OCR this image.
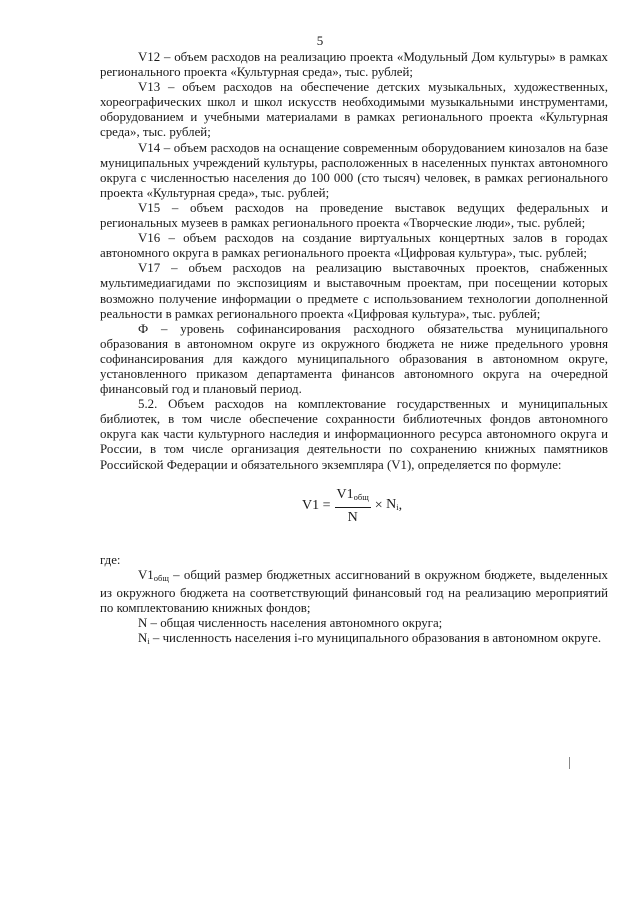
5

V12 – объем расходов на реализацию проекта «Модульный Дом культуры» в рамках регионального проекта «Культурная среда», тыс. рублей;

V13 – объем расходов на обеспечение детских музыкальных, художественных, хореографических школ и школ искусств необходимыми музыкальными инструментами, оборудованием и учебными материалами в рамках регионального проекта «Культурная среда», тыс. рублей;

V14 – объем расходов на оснащение современным оборудованием кинозалов на базе муниципальных учреждений культуры, расположенных в населенных пунктах автономного округа с численностью населения до 100 000 (сто тысяч) человек, в рамках регионального проекта «Культурная среда», тыс. рублей;

V15 – объем расходов на проведение выставок ведущих федеральных и региональных музеев в рамках регионального проекта «Творческие люди», тыс. рублей;

V16 – объем расходов на создание виртуальных концертных залов в городах автономного округа в рамках регионального проекта «Цифровая культура», тыс. рублей;

V17 – объем расходов на реализацию выставочных проектов, снабженных мультимедиагидами по экспозициям и выставочным проектам, при посещении которых возможно получение информации о предмете с использованием технологии дополненной реальности в рамках регионального проекта «Цифровая культура», тыс. рублей;

Ф – уровень софинансирования расходного обязательства муниципального образования в автономном округе из окружного бюджета не ниже предельного уровня софинансирования для каждого муниципального образования в автономном округе, установленного приказом департамента финансов автономного округа на очередной финансовый год и плановый период.

5.2. Объем расходов на комплектование государственных и муниципальных библиотек, в том числе обеспечение сохранности библиотечных фондов автономного округа как части культурного наследия и информационного ресурса автономного округа и России, в том числе организация деятельности по сохранению книжных памятников Российской Федерации и обязательного экземпляра (V1), определяется по формуле:

$V1 = \frac{V1_{общ}}{N} \times N_i$ ,

где:

$V1_{общ}$ – общий размер бюджетных ассигнований в окружном бюджете, выделенных из окружного бюджета на соответствующий финансовый год на реализацию мероприятий по комплектованию книжных фондов;

N – общая численность населения автономного округа;

$N_i$ – численность населения i-го муниципального образования в автономном округе.
